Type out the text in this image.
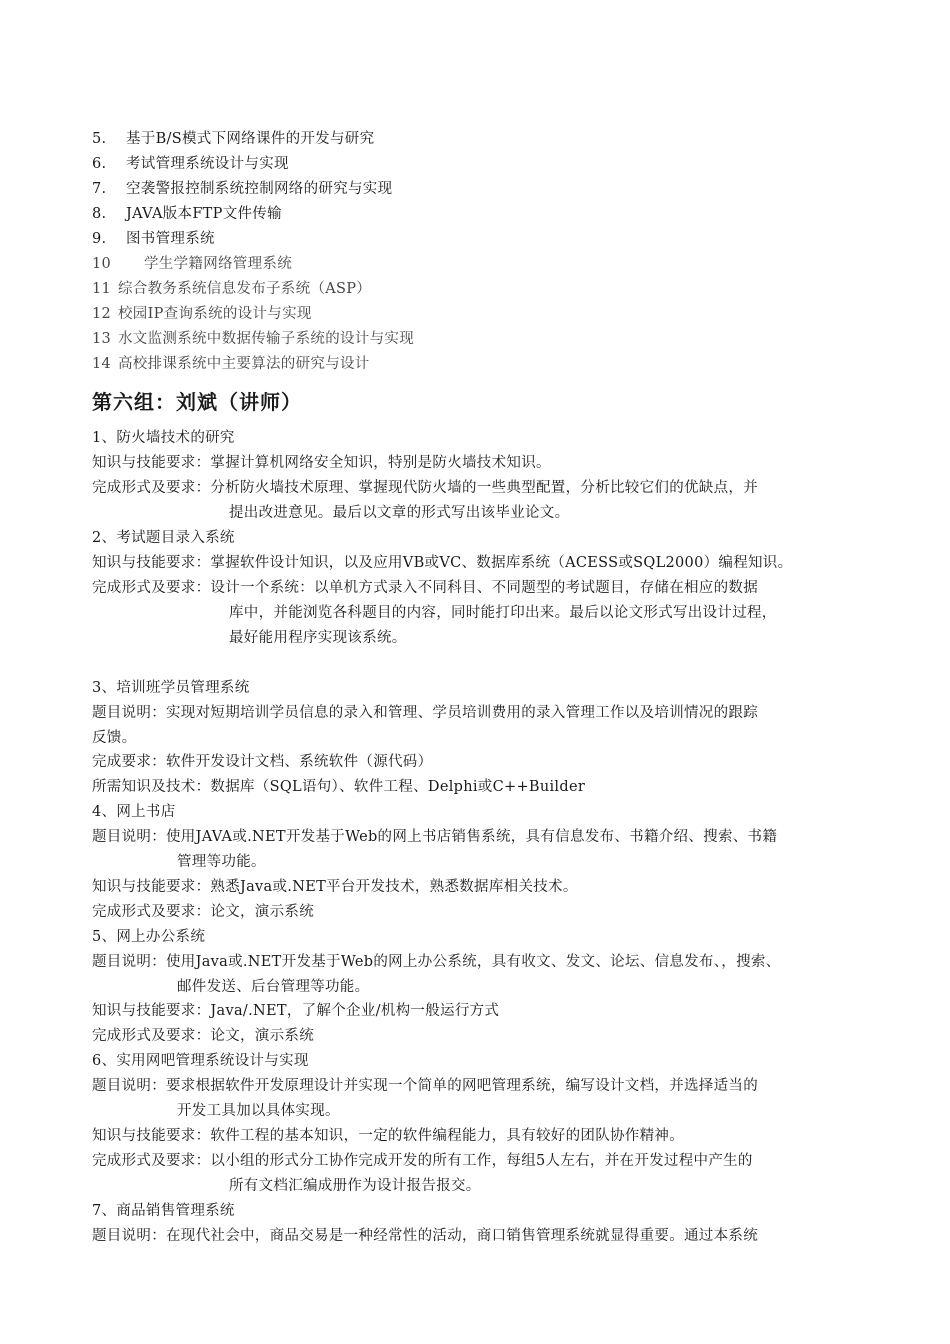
5. 基于B/S模式下网络课件的开发与研究
6. 考试管理系统设计与实现
7. 空袭警报控制系统控制网络的研究与实现
8. JAVA版本FTP文件传输
9. 图书管理系统
10 学生学籍网络管理系统
11 综合教务系统信息发布子系统（ASP）
12 校园IP查询系统的设计与实现
13 水文监测系统中数据传输子系统的设计与实现
14 高校排课系统中主要算法的研究与设计
第六组：刘斌（讲师）
1、防火墙技术的研究
知识与技能要求：掌握计算机网络安全知识，特别是防火墙技术知识。
完成形式及要求：分析防火墙技术原理、掌握现代防火墙的一些典型配置，分析比较它们的优缺点，并
提出改进意见。最后以文章的形式写出该毕业论文。
2、考试题目录入系统
知识与技能要求：掌握软件设计知识，以及应用VB或VC、数据库系统（ACESS或SQL2000）编程知识。
完成形式及要求：设计一个系统：以单机方式录入不同科目、不同题型的考试题目，存储在相应的数据
库中，并能浏览各科题目的内容，同时能打印出来。最后以论文形式写出设计过程，
最好能用程序实现该系统。
3、培训班学员管理系统
题目说明：实现对短期培训学员信息的录入和管理、学员培训费用的录入管理工作以及培训情况的跟踪
反馈。
完成要求：软件开发设计文档、系统软件（源代码）
所需知识及技术：数据库（SQL语句）、软件工程、Delphi或C++Builder
4、网上书店
题目说明：使用JAVA或.NET开发基于Web的网上书店销售系统，具有信息发布、书籍介绍、搜索、书籍
管理等功能。
知识与技能要求：熟悉Java或.NET平台开发技术，熟悉数据库相关技术。
完成形式及要求：论文，演示系统
5、网上办公系统
题目说明：使用Java或.NET开发基于Web的网上办公系统，具有收文、发文、论坛、信息发布、，搜索、
邮件发送、后台管理等功能。
知识与技能要求：Java/.NET，了解个企业/机构一般运行方式
完成形式及要求：论文，演示系统
6、实用网吧管理系统设计与实现
题目说明：要求根据软件开发原理设计并实现一个简单的网吧管理系统，编写设计文档，并选择适当的
开发工具加以具体实现。
知识与技能要求：软件工程的基本知识，一定的软件编程能力，具有较好的团队协作精神。
完成形式及要求：以小组的形式分工协作完成开发的所有工作，每组5人左右，并在开发过程中产生的
所有文档汇编成册作为设计报告报交。
7、商品销售管理系统
题目说明：在现代社会中，商品交易是一种经常性的活动，商口销售管理系统就显得重要。通过本系统
